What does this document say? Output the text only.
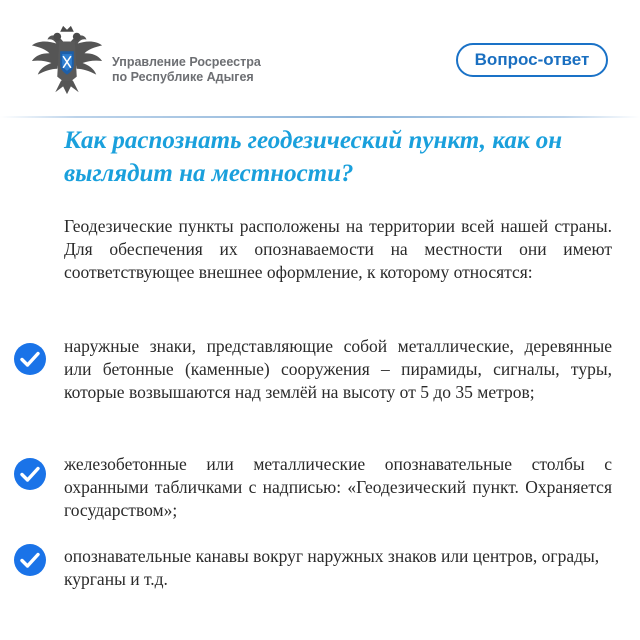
Управление Росреестра
по Республике Адыгея
Вопрос-ответ
Как распознать геодезический пункт, как он выглядит на местности?

Геодезические пункты расположены на территории всей нашей страны. Для обеспечения их опознаваемости на местности они имеют соответствующее внешнее оформление, к которому относятся:

наружные знаки, представляющие собой металлические, деревянные или бетонные (каменные) сооружения – пирамиды, сигналы, туры, которые возвышаются над землёй на высоту от 5 до 35 метров;

железобетонные или металлические опознавательные столбы с охранными табличками с надписью: «Геодезический пункт. Охраняется государством»;

опознавательные канавы вокруг наружных знаков или центров, ограды, курганы и т.д.
